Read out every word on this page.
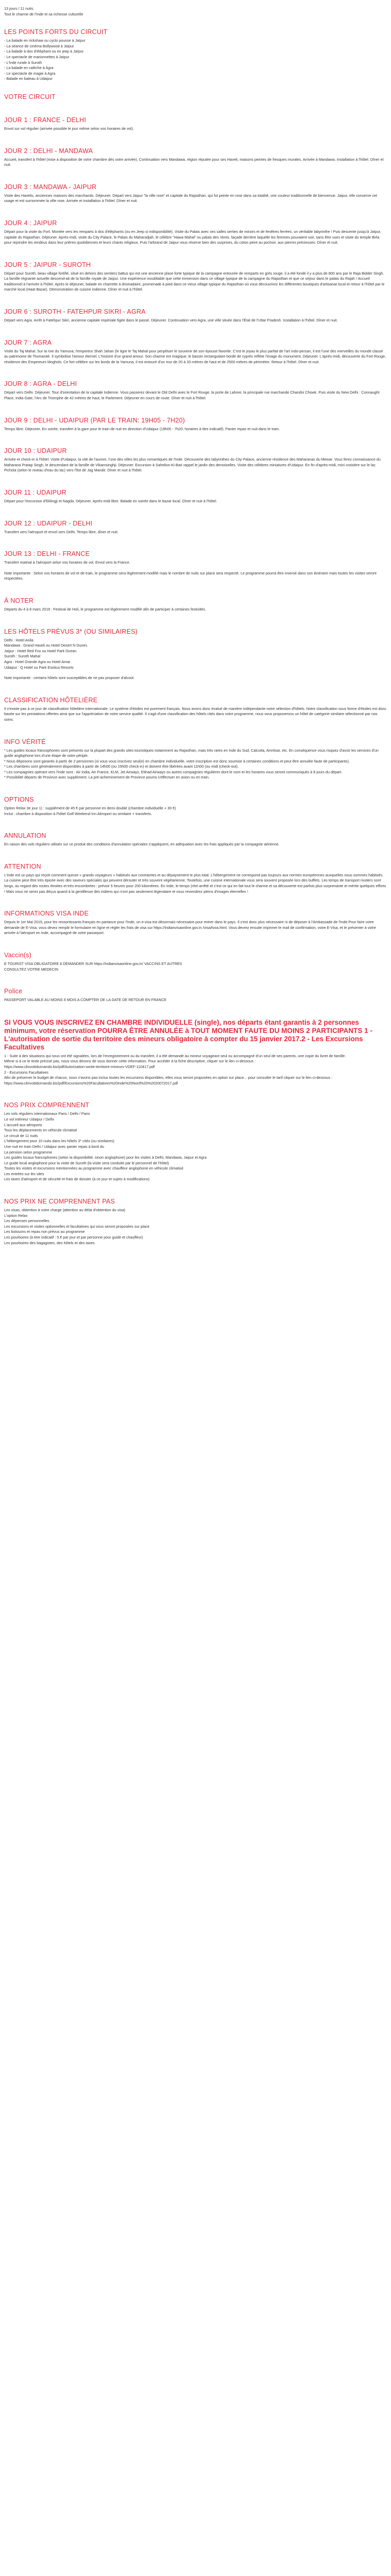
13 jours / 11 nuits.

Tout le charme de l'Inde et sa richesse culturelle

LES POINTS FORTS DU CIRCUIT

- La balade en rickshaw ou cyclo pousse à Jaïpur

- La séance de cinéma Bollywood à Jaïpur

- La balade à dos d'éléphant ou en jeep à Jaïpur

- Le spectacle de marionnettes à Jaïpur

- L'Inde rurale à Suroth

- La balade en calèche à Agra

- Le spectacle de magie à Agra

- Balade en bateau à Udaipur

VOTRE CIRCUIT
JOUR 1 : FRANCE - DELHI

Envol sur vol régulier (arrivée possible le jour même selon vos horaires de vol).

JOUR 2 : DELHI - MANDAWA

Accueil, transfert à l'hôtel (mise à disposition de votre chambre dès votre arrivée). Continuation vers Mandawa, région réputée pour ses Haveli, maisons peintes de fresques murales. Arrivée à Mandawa. Installation à l'hôtel. Dîner et nuit.

JOUR 3 : MANDAWA - JAIPUR

Visite des Havelis, anciennes maisons des marchands. Déjeuner. Départ vers Jaipur "la ville rose" et capitale du Rajasthan, qui fut peinte en rose dans sa totalité, une couleur traditionnelle de bienvenue. Jaipur, elle conserve cet usage et est surnommée la ville rose. Arrivée et installation à l'hôtel. Dîner et nuit.

JOUR 4 : JAIPUR

Départ pour la visite du Fort. Montée vers les remparts à dos d'éléphants (ou en Jeep si indisponibilité). Visite du Palais avec ses salles serties de miroirs et de fenêtres ferrées, un véritable labyrinthe ! Puis descente jusqu'à Jaïpur, capitale du Rajasthan. Déjeuner. Après-midi, visite du City Palace, le Palais du Maharadjah, le célèbre "Hawa Mahal" ou palais des Vents, façade derrière laquelle les femmes pouvaient voir, sans être vues et visite du temple Birla pour rejoindre les rendeus dans leur prières quotidiennes et leurs chants religieux. Puis l'arbrand de Jaipur vous réserve bien des surprises, du coton peint au pochoir, aux pierres précieuses. Dîner et nuit.

JOUR 5 : JAIPUR - SUROTH

Départ pour Suroth, beau village fortifié, situé en dehors des sentiers battus qui est une ancienne place forte typique de la campagne entourée de remparts en grès rouge, il a été fondé il y a plus de 800 ans par le Raja Bidder Singh. La famille régnante actuelle descend-ait de la famille royale de Jaïpur. Une expérience inoubliable que cette immersion dans ce village typique de la campagne du Rajasthan et que ce séjour dans le palais du Rajah ! Accueil traditionnel à l'arrivée à l'hôtel. Après le déjeuner, balade en charrette à dromadaire, promenade à pied dans ce vieux village typique du Rajasthan où vous découvrirez les différentes boutiques d'artisanat local et retour à l'hôtel par le marché local (Haat Bazar). Démonstration de cuisine indienne. Dîner et nuit à l'hôtel.

JOUR 6 : SUROTH - FATEHPUR SIKRI - AGRA

Départ vers Agra. Arrêt à Fatehpur Sikri, ancienne capitale impériale figée dans le passé. Déjeuner. Continuation vers Agra, une ville située dans l'État de l'Uttar Pradesh. Installation à l'hôtel. Dîner et nuit.

JOUR 7 : AGRA

Visite du Taj Mahal. Sur la rive du Yamuna, l'empereur Shah Jahan (le tigre le Taj Mahal pour perpétuer le souvenir de son épouse favorite. C'est le joyau le plus parfait de l'art indo-persan, il est l'une des merveilles du monde classé au patrimoine de l'humanité. Il symbolise l'amour éternel. L'histoire d'un grand amour. Son charme est magique, le bassin rectangulaire bordé de cyprès reflète l'image du monument. Déjeuner. L'après-midi, découverte du Fort Rouge, résidence des Empereurs Moghols. Ce fort célèbre sur les bords de la Yamuna, il est entouré d'un mur de 20 à 33 mètres de haut et de 2500 mètres de périmètre. Retour à l'hôtel. Dîner et nuit.

JOUR 8 : AGRA - DELHI

Départ vers Delhi. Déjeuner. Tour d'orientation de la capitale Indienne. Vous passerez devant le Old Delhi avec le Fort Rouge, la porte de Lahore, la principale rue marchande Chandni Chowk. Puis visite du New Delhi : Connaught Place, India Gate, l'Arc de Triomphe de 42 mètres de haut, le Parlement. Déjeuner en cours de route. Dîner et nuit à l'hôtel.

JOUR 9 : DELHI - UDAIPUR (PAR LE TRAIN: 19H05 - 7H20)

Temps libre. Déjeuner. En soirée, transfert à la gare pour le train de nuit en direction d'Udaipur (19h05 - 7h20, horaires à titre indicatif). Panier repas et nuit dans le train.

JOUR 10 : UDAIPUR

Arrivée et check-in à l'hôtel. Visite d'Udaipur, la cité de l'aurore, l'une des villes les plus romantiques de l'Inde. Découverte des labyrinthes du City Palace, ancienne résidence des Maharanas du Mewar. Vous ferez connaissance du Maharana Pratap Singh, le descendant de la famille de Vikamsinghji. Déjeuner. Excursion à Sahelion-Ki-Bari rappel le jardin des demoiselles. Visite des célèbres miniatures d'Udaipur. En fin d'après-midi, mini croisière sur le lac Pichola (selon le niveau d'eau du lac) vers l'îlot de Jag Mandir. Dîner et nuit à l'hôtel.

JOUR 11 : UDAIPUR

Départ pour l'excursion d'Eklingji et Nagda. Déjeuner. Après-midi libre. Balade en soirée dans le bazar local. Dîner et nuit à l'hôtel.

JOUR 12 : UDAIPUR - DELHI

Transfert vers l'aéroport et envol vers Delhi. Temps libre, dîner et nuit.

JOUR 13 : DELHI - FRANCE

Transfert matinal à l'aéroport selon vos horaires de vol. Envol vers la France.

Note importante : Selon vos horaires de vol et de train, le programme sera légèrement modifié mais le nombre de nuits sur place sera respecté. Le programme pourra être inversé dans son itinéraire mais toutes les visites seront respectées.

À NOTER

Départs du 4 à 8 mars 2019 : Festival de Holi, le programme est légèrement modifié afin de participer à certaines festivités.

LES HÔTELS PRÉVUS 3* (OU SIMILAIRES)

Delhi : Hotel Anila

Mandawa : Grand Haveli ou Hotel Desert N Dunes

Jaipur : Hotel Red Fox ou Hotel Park Ocean

Suroth : Suroth Mahal

Agra : Hotel Grande Agra ou Hotel Amar

Udaipur : Q Hotel ou Park Exotica Resorts

Note importante : certains hôtels sont susceptibles de ne pas proposer d'alcool.

CLASSIFICATION HÔTELIÈRE

Il n'existe pas à ce jour de classification hôtelière internationale. Le système d'étoiles est purement français. Nous avons donc évalué de manière indépendante notre sélection d'hôtels. Notre classification sous forme d'étoiles est donc basée sur les prestations offertes ainsi que sur l'appréciation de notre service qualité. Il s'agit d'une classification des hôtels cités dans votre programme, nous vous proposerons un hôtel de catégorie similaire sélectionné par nos soins.

INFO VÉRITÉ

* Les guides locaux francophones sont présents sur la plupart des grands sites touristiques notamment au Rajasthan, mais très rares en Inde du Sud, Calcutta, Amritsar, etc. En conséquence vous risquez d'avoir les services d'un guide anglophone lors d'une étape de votre périple.

* Nous déposons sont garantis à partir de 2 personnes (si vous vous inscrivez seul(e) en chambre individuelle, votre inscription est donc soumise à certaines conditions et peut être annulée faute de participants).

* Les chambres sont généralement disponibles à partir de 14h00 (ou 15h00 check-in) et doivent être libérées avant 11h00 (ou midi (check-out).

* Les compagnies opérant vers l'Inde sont : Air India, Air France, KLM, Jet Airways, Etihad Airways ou autres compagnies régulières dont le nom et les horaires vous seront communiqués à 8 jours du départ.

* Possibilité départs de Province avec supplément. La pré-acheminement de Province pourra s'effectuer en avion ou en train.

OPTIONS

Option Relax 3e jour 1) : supplément de 45 € par personne en demi double (chambre individuelle + 30 €)

Inclut : chambre à disposition à l'hôtel Golf Weekend Inn Aéroport ou similaire + transferts.

ANNULATION

En raison des vols réguliers utilisés sur ce produit des conditions d'annulation spéciales s'appliquent, en adéquation avec les frais appliqués par la compagnie aérienne.

ATTENTION

L'Inde est un pays qui reçoit comment quinze « grands voyageurs » habitués aux contraintes et au dépaysement le plus total. L'hébergement ne correspond pas toujours aux normes européennes auxquelles nous sommes habitués. La cuisine peut être très épicée avec des saveurs spéciales qui peuvent dérouter et très souvent végétarienne. Toutefois, une cuisine internationale vous sera souvent proposée lors des buffets. Les temps de transport routiers sont longs, au regard des routes étroites et très encombrées : prévoir 5 heures pour 200 kilomètres. En Inde, le temps (réel arrêté et c'est ce qui en fait tout le charme et sa découverte est parfois plus surprenante et mérite quelques efforts ! Mais vous ne serez pas déçus quand à la gentillesse des indiens qui n'ont pas seulement légendaire et vous reviendrez pleins d'images éternelles !

INFORMATIONS VISA INDE

Depuis le 1er Mai 2015, pour les ressortissants français en partance pour l'Inde, un e-visa est désormais nécessaire pour entrer dans le pays. Il s'est donc plus nécessaire ni de déposer à l'Ambassade de l'Inde.Pour faire votre demande de E-Visa, vous devez remplir le formulaire en ligne et régler les frais de visa sur https://indianvisaonline.gov.in /visa/tvoa.html. Vous devrez ensuite imprimer le mail de confirmation, votre E-Visa, et le présenter à votre arrivée à l'aéroport en Inde, accompagné de votre passeport.

Vaccin(s)

E TOURIST VISA OBLIGATOIRE A DEMANDER SUR https://indianvisaonline.gov.in/ VACCINS ET AUTRES

CONSULTEZ VOTRE MEDECIN

Police

PASSEPORT VALABLE AU MOINS 6 MOIS A COMPTER DE LA DATE DE RETOUR EN FRANCE

SI VOUS VOUS INSCRIVEZ EN CHAMBRE INDIVIDUELLE (single), nos départs étant garantis à 2 personnes minimum, votre réservation POURRA ÊTRE ANNULÉE à TOUT MOMENT FAUTE DU MOINS 2 PARTICIPANTS 1 - L'autorisation de sortie du territoire des mineurs obligatoire à compter du 15 janvier 2017.2 - Les Excursions Facultatives

1 - Suite à des situations qui nous ont été signalées, lors de l'enregistrement ou du transfert, il a été demandé au mineur voyageant seul ou accompagné d'un seul de ses parents, une copie du livret de famille.

Même si à ce le texte précisé pas, nous vous devons de vous donner cette information. Pour accéder à la fiche descriptive, cliquer sur le lien ci-dessous :

https://www.clinvoitidurnando.biz/pdf/Autorisation-sortie-territoire-mineurs-VDEF-110417.pdf

2 - Excursions Facultatives

Afin de préserver le budget de chacun, nous n'avons pas inclus toutes les excursions disponibles, elles vous seront proposées en option sur place... pour consulter le tarif cliquer sur le lien ci-dessous :

https://www.clinvoitidurnando.biz/pdf/Excursions%20Facultatives%20Inde%20Nord%20%2020072017.pdf

NOS PRIX COMPRENNENT

Les vols réguliers internationaux Paris / Delhi / Paris

Le vol intérieur Udaipur / Delhi

L'accueil aux aéroports

Tous les déplacements en véhicule climatisé

Le circuit de 11 nuits

L'hébergement pour 10 nuits dans les hôtels 3* cités (ou similaires)

Une nuit en train Delhi / Udaipur avec panier repas à bord du

La pension selon programme

Les guides locaux francophones (selon la disponibilité, sinon anglophone) pour les visites à Delhi, Mandawa, Jaipur et Agra

Le guide local anglophone pour la visite de Suroth (la visite sera conduite par le personnel de l'hôtel)

Toutes les visites et excursions mentionnées au programme avec chauffeur anglophone en véhicule climatisé

Les entrées sur les sites

Les taxes d'aéroport et de sécurité et frais de dossier (à ce jour et sujets à modifications)

NOS PRIX NE COMPRENNENT PAS

Les visas, obtention à votre charge (attention au délai d'obtention du visa)

L'option Relax

Les dépenses personnelles

Les excursions et visites optionnelles et facultatives qui vous seront proposées sur place

Les boissons et repas non prévus au programme

Les pourboires (à titre indicatif : 5 € par jour et par personne pour guide et chauffeur)

Les pourboires des bagagistes, des hôtels et des taxes
